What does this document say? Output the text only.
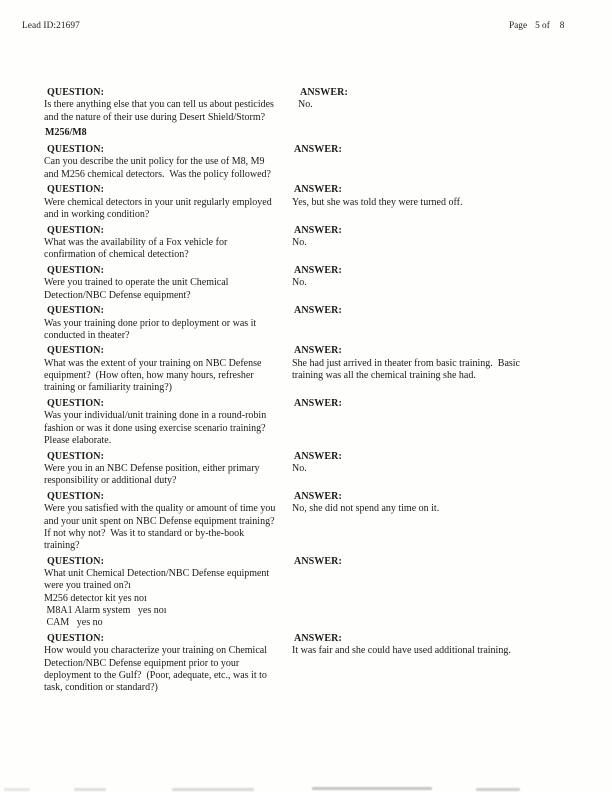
Lead ID:21697	Page 5 of 8
QUESTION:
Is there anything else that you can tell us about pesticides and the nature of their use during Desert Shield/Storm?
ANSWER:
No.
M256/M8
QUESTION:
Can you describe the unit policy for the use of M8, M9 and M256 chemical detectors.  Was the policy followed?
ANSWER:
QUESTION:
Were chemical detectors in your unit regularly employed and in working condition?
ANSWER:
Yes, but she was told they were turned off.
QUESTION:
What was the availability of a Fox vehicle for confirmation of chemical detection?
ANSWER:
No.
QUESTION:
Were you trained to operate the unit Chemical Detection/NBC Defense equipment?
ANSWER:
No.
QUESTION:
Was your training done prior to deployment or was it conducted in theater?
ANSWER:
QUESTION:
What was the extent of your training on NBC Defense equipment?  (How often, how many hours, refresher training or familiarity training?)
ANSWER:
She had just arrived in theater from basic training.  Basic training was all the chemical training she had.
QUESTION:
Was your individual/unit training done in a round-robin fashion or was it done using exercise scenario training? Please elaborate.
ANSWER:
QUESTION:
Were you in an NBC Defense position, either primary responsibility or additional duty?
ANSWER:
No.
QUESTION:
Were you satisfied with the quality or amount of time you and your unit spent on NBC Defense equipment training?  If not why not?  Was it to standard or by-the-book training?
ANSWER:
No, she did not spend any time on it.
QUESTION:
What unit Chemical Detection/NBC Defense equipment were you trained on?ı
M256 detector kit yes noı
M8A1 Alarm system   yes noı
CAM   yes no
ANSWER:
QUESTION:
How would you characterize your training on Chemical Detection/NBC Defense equipment prior to your deployment to the Gulf?  (Poor, adequate, etc., was it to task, condition or standard?)
ANSWER:
It was fair and she could have used additional training.
